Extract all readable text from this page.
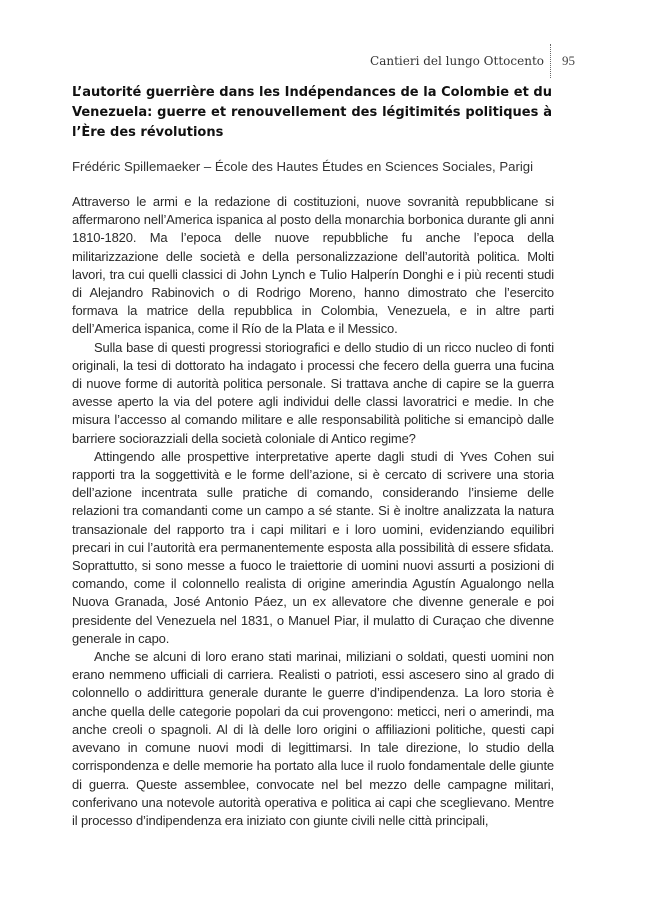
Cantieri del lungo Ottocento 95
L’autorité guerrière dans les Indépendances de la Colombie et du Venezuela: guerre et renouvellement des légitimités politiques à l’Ère des révolutions

Frédéric Spillemaeker – École des Hautes Études en Sciences Sociales, Parigi

Attraverso le armi e la redazione di costituzioni, nuove sovranità repubblicane si affermarono nell’America ispanica al posto della monarchia borbonica durante gli anni 1810-1820. Ma l’epoca delle nuove repubbliche fu anche l’epoca della militarizzazione delle società e della personalizzazione dell’autorità politica. Molti lavori, tra cui quelli classici di John Lynch e Tulio Halperín Donghi e i più recenti studi di Alejandro Rabinovich o di Rodrigo Moreno, hanno dimostrato che l’esercito formava la matrice della repubblica in Colombia, Venezuela, e in altre parti dell’America ispanica, come il Río de la Plata e il Messico.

Sulla base di questi progressi storiografici e dello studio di un ricco nucleo di fonti originali, la tesi di dottorato ha indagato i processi che fecero della guerra una fucina di nuove forme di autorità politica personale. Si trattava anche di capire se la guerra avesse aperto la via del potere agli individui delle classi lavoratrici e medie. In che misura l’accesso al comando militare e alle responsabilità politiche si emancipò dalle barriere sociorazziali della società coloniale di Antico regime?

Attingendo alle prospettive interpretative aperte dagli studi di Yves Cohen sui rapporti tra la soggettività e le forme dell’azione, si è cercato di scrivere una storia dell’azione incentrata sulle pratiche di comando, considerando l’insieme delle relazioni tra comandanti come un campo a sé stante. Si è inoltre analizzata la natura transazionale del rapporto tra i capi militari e i loro uomini, evidenziando equilibri precari in cui l’autorità era permanentemente esposta alla possibilità di essere sfidata. Soprattutto, si sono messe a fuoco le traiettorie di uomini nuovi assurti a posizioni di comando, come il colonnello realista di origine amerindia Agustín Agualongo nella Nuova Granada, José Antonio Páez, un ex allevatore che divenne generale e poi presidente del Venezuela nel 1831, o Manuel Piar, il mulatto di Curaçao che divenne generale in capo.

Anche se alcuni di loro erano stati marinai, miliziani o soldati, questi uomini non erano nemmeno ufficiali di carriera. Realisti o patrioti, essi ascesero sino al grado di colonnello o addirittura generale durante le guerre d’indipendenza. La loro storia è anche quella delle categorie popolari da cui provengono: meticci, neri o amerindi, ma anche creoli o spagnoli. Al di là delle loro origini o affiliazioni politiche, questi capi avevano in comune nuovi modi di legittimarsi. In tale direzione, lo studio della corrispondenza e delle memorie ha portato alla luce il ruolo fondamentale delle giunte di guerra. Queste assemblee, convocate nel bel mezzo delle campagne militari, conferivano una notevole autorità operativa e politica ai capi che sceglievano. Mentre il processo d’indipendenza era iniziato con giunte civili nelle città principali,
